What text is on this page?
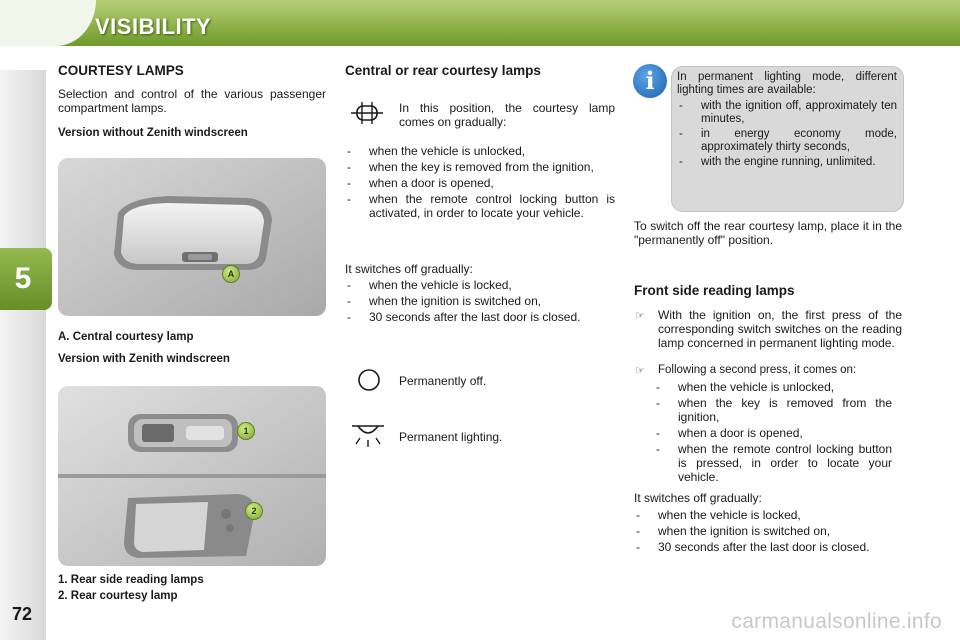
VISIBILITY
5
72
COURTESY LAMPS
Selection and control of the various passenger compartment lamps.
Version without Zenith windscreen
A
A. Central courtesy lamp
Version with Zenith windscreen
1
2
1. Rear side reading lamps
2. Rear courtesy lamp
Central or rear courtesy lamps
In this position, the courtesy lamp comes on gradually:
- when the vehicle is unlocked,
- when the key is removed from the ignition,
- when a door is opened,
- when the remote control locking button is activated, in order to locate your vehicle.
It switches off gradually:
- when the vehicle is locked,
- when the ignition is switched on,
- 30 seconds after the last door is closed.
Permanently off.
Permanent lighting.
i	In permanent lighting mode, different lighting times are available:
- with the ignition off, approximately ten minutes,
- in energy economy mode, approximately thirty seconds,
- with the engine running, unlimited.
To switch off the rear courtesy lamp, place it in the "permanently off" position.
Front side reading lamps
☞ With the ignition on, the first press of the corresponding switch switches on the reading lamp concerned in permanent lighting mode.
☞ Following a second press, it comes on:
- when the vehicle is unlocked,
- when the key is removed from the ignition,
- when a door is opened,
- when the remote control locking button is pressed, in order to locate your vehicle.
It switches off gradually:
- when the vehicle is locked,
- when the ignition is switched on,
- 30 seconds after the last door is closed.
carmanualsonline.info
